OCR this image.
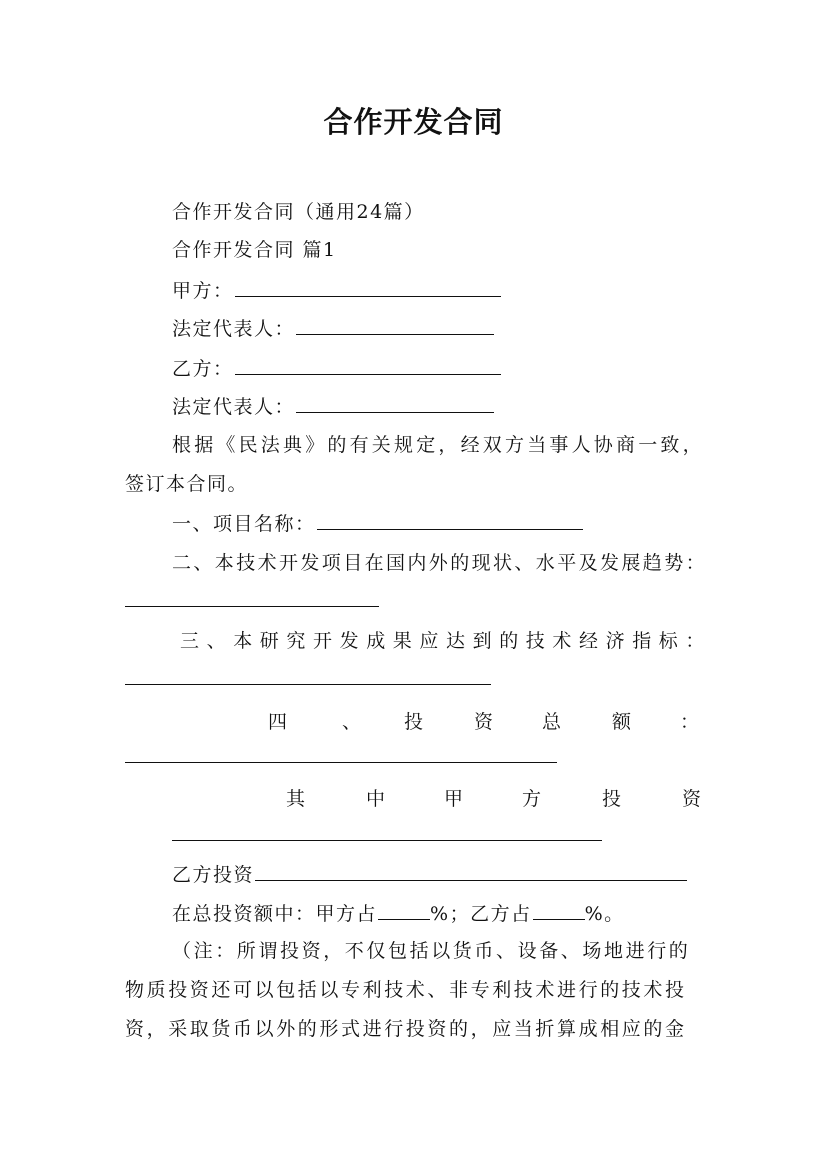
合作开发合同
合作开发合同（通用24篇）
合作开发合同 篇1
甲方：
法定代表人：
乙方：
法定代表人：
根据《民法典》的有关规定，经双方当事人协商一致，
签订本合同。
一、项目名称：
二、本技术开发项目在国内外的现状、水平及发展趋势：
三、本研究开发成果应达到的技术经济指标：
四	、 投	资	总	额	：
其	中	甲	方	投	资
乙方投资
在总投资额中：甲方占	%；乙方占	%。
（注：所谓投资，不仅包括以货币、设备、场地进行的
物质投资还可以包括以专利技术、非专利技术进行的技术投
资，采取货币以外的形式进行投资的，应当折算成相应的金
